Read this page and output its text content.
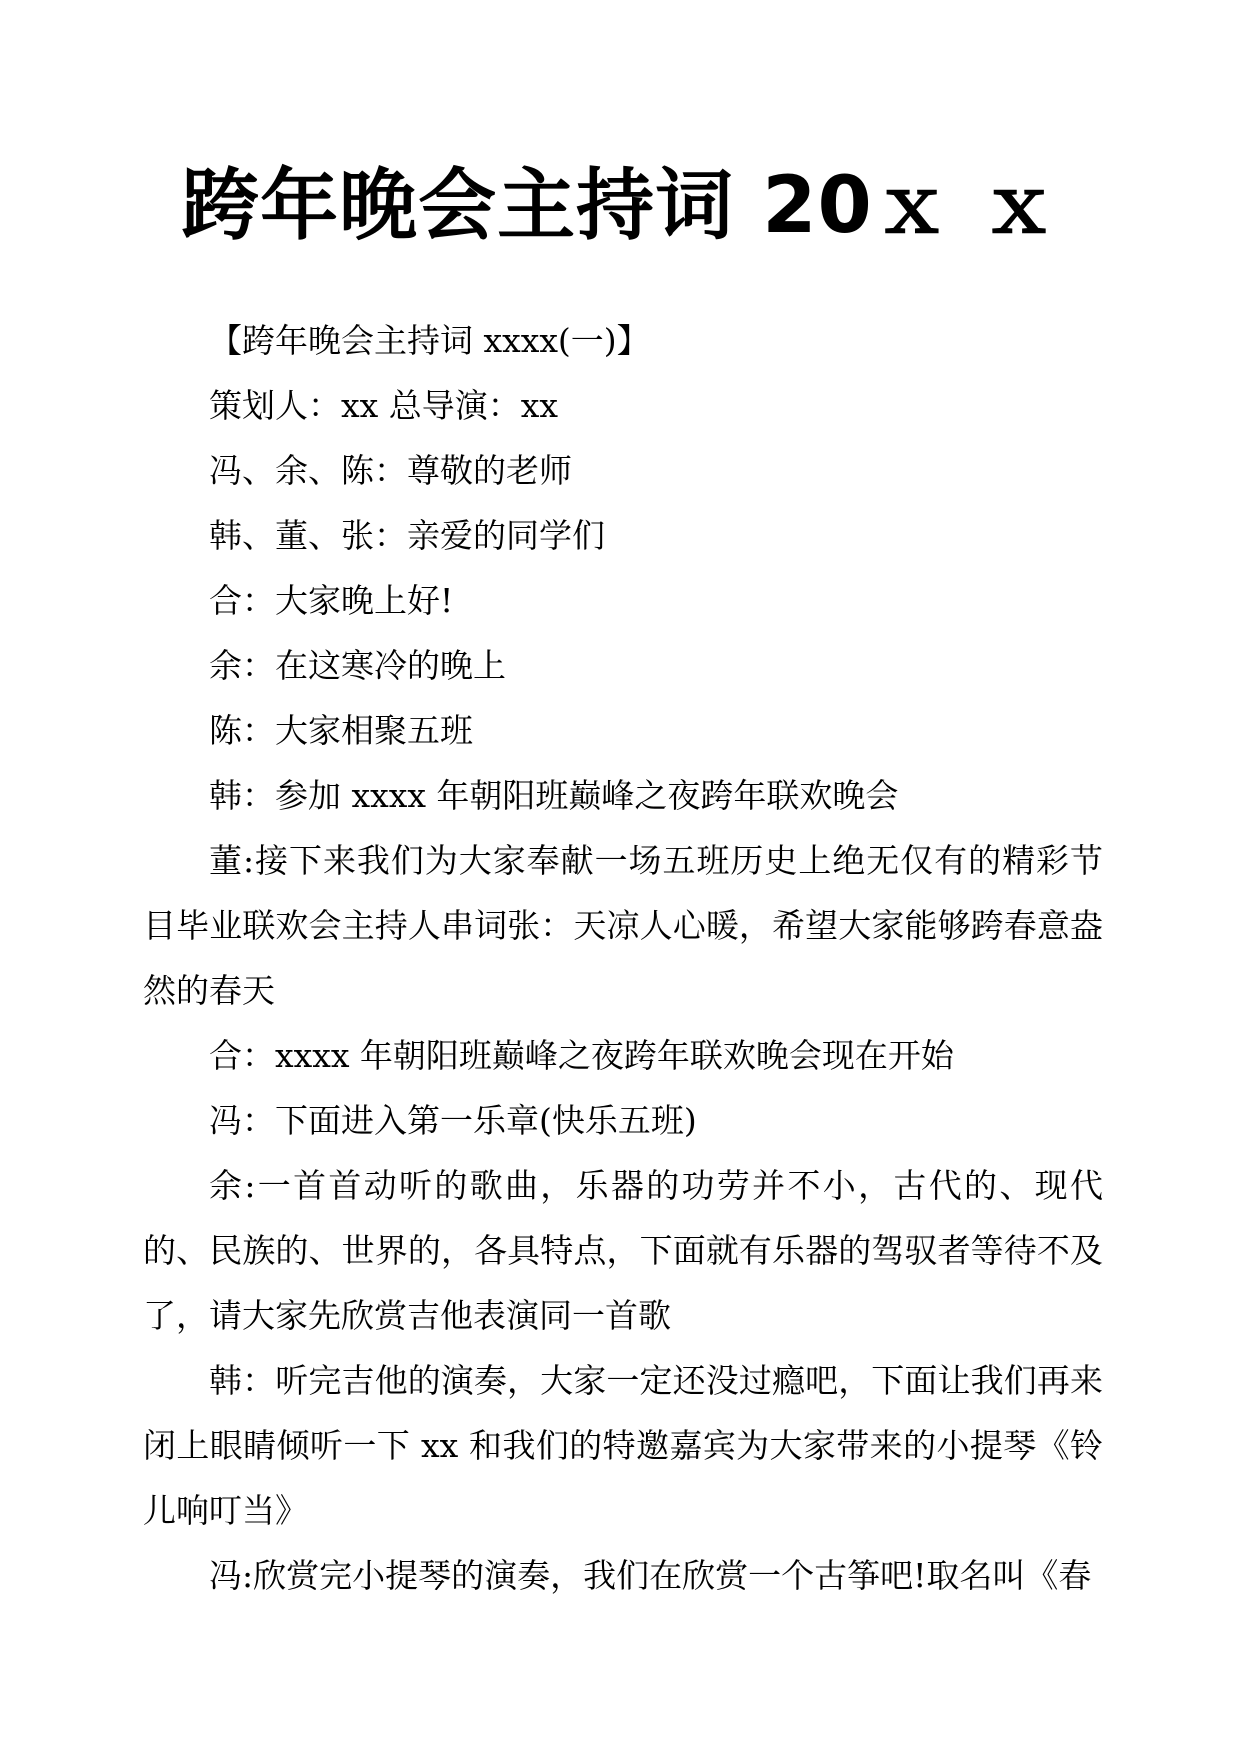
跨年晚会主持词 20ｘ ｘ

【跨年晚会主持词 xxxx(一)】

策划人：xx 总导演：xx

冯、余、陈：尊敬的老师

韩、董、张：亲爱的同学们

合：大家晚上好!

余：在这寒冷的晚上

陈：大家相聚五班

韩：参加 xxxx 年朝阳班巅峰之夜跨年联欢晚会

董:接下来我们为大家奉献一场五班历史上绝无仅有的精彩节目毕业联欢会主持人串词张：天凉人心暖，希望大家能够跨春意盎然的春天

合：xxxx 年朝阳班巅峰之夜跨年联欢晚会现在开始

冯：下面进入第一乐章(快乐五班)

余:一首首动听的歌曲，乐器的功劳并不小，古代的、现代的、民族的、世界的，各具特点，下面就有乐器的驾驭者等待不及了，请大家先欣赏吉他表演同一首歌

韩：听完吉他的演奏，大家一定还没过瘾吧，下面让我们再来闭上眼睛倾听一下 xx 和我们的特邀嘉宾为大家带来的小提琴《铃儿响叮当》

冯:欣赏完小提琴的演奏，我们在欣赏一个古筝吧!取名叫《春
